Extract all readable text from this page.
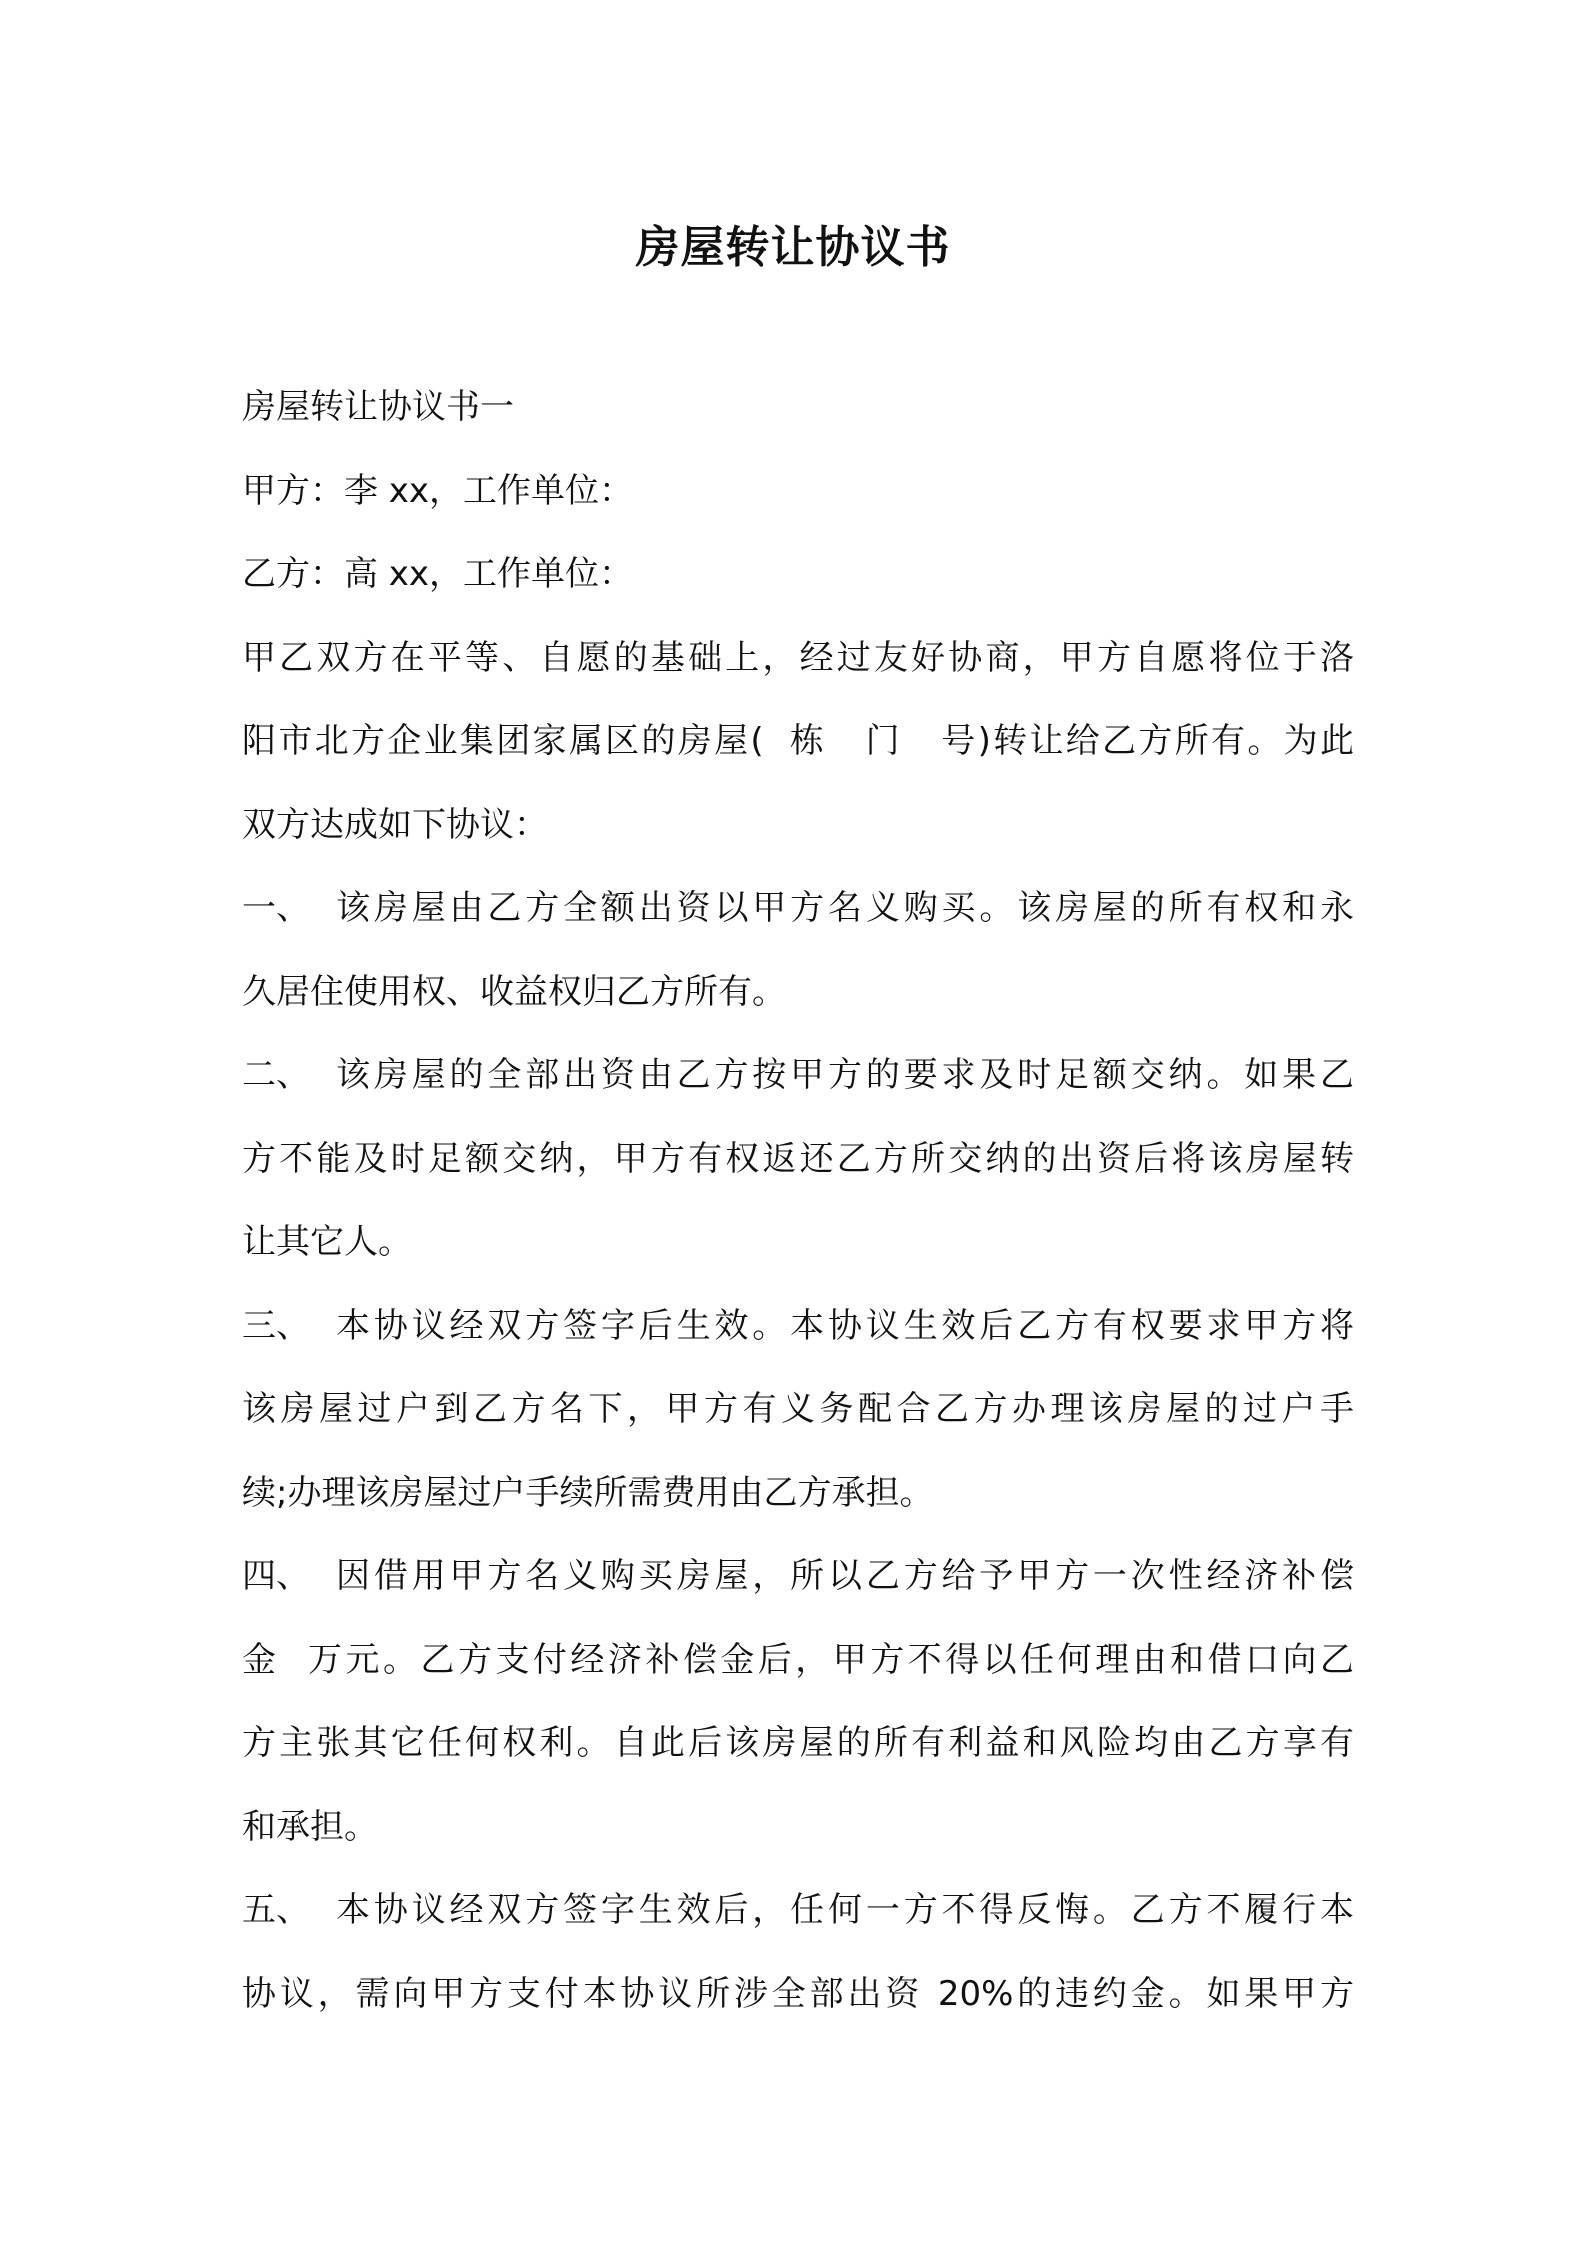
房屋转让协议书
房屋转让协议书一
甲方：李 xx，工作单位：
乙方：高 xx，工作单位：
甲乙双方在平等、自愿的基础上，经过友好协商，甲方自愿将位于洛
阳市北方企业集团家属区的房屋(  栋   门   号)转让给乙方所有。为此
双方达成如下协议：
一、 该房屋由乙方全额出资以甲方名义购买。该房屋的所有权和永
久居住使用权、收益权归乙方所有。
二、 该房屋的全部出资由乙方按甲方的要求及时足额交纳。如果乙
方不能及时足额交纳，甲方有权返还乙方所交纳的出资后将该房屋转
让其它人。
三、 本协议经双方签字后生效。本协议生效后乙方有权要求甲方将
该房屋过户到乙方名下，甲方有义务配合乙方办理该房屋的过户手
续;办理该房屋过户手续所需费用由乙方承担。
四、 因借用甲方名义购买房屋，所以乙方给予甲方一次性经济补偿
金  万元。乙方支付经济补偿金后，甲方不得以任何理由和借口向乙
方主张其它任何权利。自此后该房屋的所有利益和风险均由乙方享有
和承担。
五、 本协议经双方签字生效后，任何一方不得反悔。乙方不履行本
协议，需向甲方支付本协议所涉全部出资 20%的违约金。如果甲方
